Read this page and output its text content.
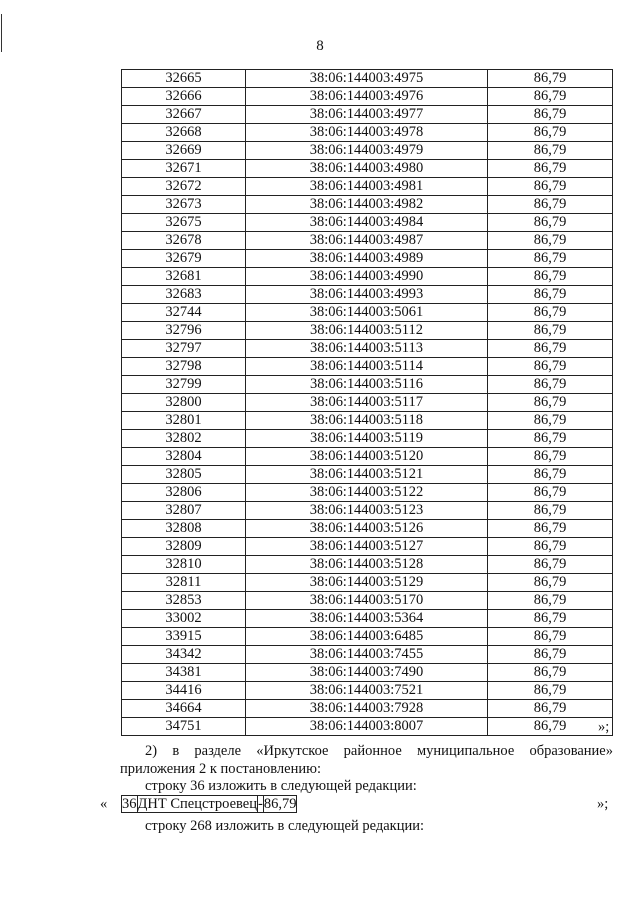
8
32665	38:06:144003:4975	86,79
32666	38:06:144003:4976	86,79
32667	38:06:144003:4977	86,79
32668	38:06:144003:4978	86,79
32669	38:06:144003:4979	86,79
32671	38:06:144003:4980	86,79
32672	38:06:144003:4981	86,79
32673	38:06:144003:4982	86,79
32675	38:06:144003:4984	86,79
32678	38:06:144003:4987	86,79
32679	38:06:144003:4989	86,79
32681	38:06:144003:4990	86,79
32683	38:06:144003:4993	86,79
32744	38:06:144003:5061	86,79
32796	38:06:144003:5112	86,79
32797	38:06:144003:5113	86,79
32798	38:06:144003:5114	86,79
32799	38:06:144003:5116	86,79
32800	38:06:144003:5117	86,79
32801	38:06:144003:5118	86,79
32802	38:06:144003:5119	86,79
32804	38:06:144003:5120	86,79
32805	38:06:144003:5121	86,79
32806	38:06:144003:5122	86,79
32807	38:06:144003:5123	86,79
32808	38:06:144003:5126	86,79
32809	38:06:144003:5127	86,79
32810	38:06:144003:5128	86,79
32811	38:06:144003:5129	86,79
32853	38:06:144003:5170	86,79
33002	38:06:144003:5364	86,79
33915	38:06:144003:6485	86,79
34342	38:06:144003:7455	86,79
34381	38:06:144003:7490	86,79
34416	38:06:144003:7521	86,79
34664	38:06:144003:7928	86,79
34751	38:06:144003:8007	86,79 »;
2) в разделе «Иркутское районное муниципальное образование»
приложения 2 к постановлению:
строку 36 изложить в следующей редакции:
« 36	ДНТ Спецстроевец	-	86,79	»;
строку 268 изложить в следующей редакции:
